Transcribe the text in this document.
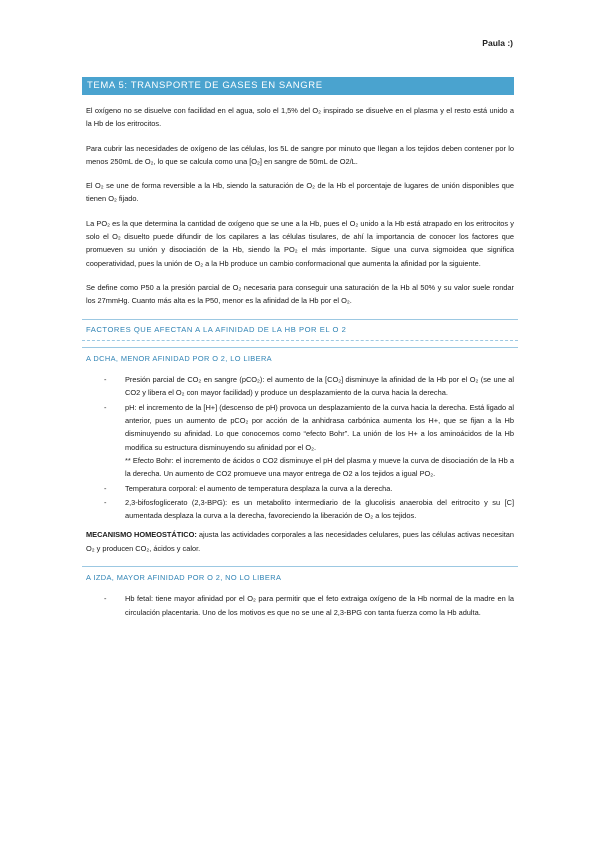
Paula :)
TEMA 5: TRANSPORTE DE GASES EN SANGRE

El oxígeno no se disuelve con facilidad en el agua, solo el 1,5% del O₂ inspirado se disuelve en el plasma y el resto está unido a la Hb de los eritrocitos.

Para cubrir las necesidades de oxígeno de las células, los 5L de sangre por minuto que llegan a los tejidos deben contener por lo menos 250mL de O₂, lo que se calcula como una [O₂] en sangre de 50mL de O2/L.

El O₂ se une de forma reversible a la Hb, siendo la saturación de O₂ de la Hb el porcentaje de lugares de unión disponibles que tienen O₂ fijado.

La PO₂ es la que determina la cantidad de oxígeno que se une a la Hb, pues el O₂ unido a la Hb está atrapado en los eritrocitos y solo el O₂ disuelto puede difundir de los capilares a las células tisulares, de ahí la importancia de conocer los factores que promueven su unión y disociación de la Hb, siendo la PO₂ el más importante. Sigue una curva sigmoidea que significa cooperatividad, pues la unión de O₂ a la Hb produce un cambio conformacional que aumenta la afinidad por la siguiente.

Se define como P50 a la presión parcial de O₂ necesaria para conseguir una saturación de la Hb al 50% y su valor suele rondar los 27mmHg. Cuanto más alta es la P50, menor es la afinidad de la Hb por el O₂.

FACTORES QUE AFECTAN A LA AFINIDAD DE LA HB POR EL O 2
A DCHA, MENOR AFINIDAD POR O 2, LO LIBERA
-	Presión parcial de CO₂ en sangre (pCO₂): el aumento de la [CO₂] disminuye la afinidad de la Hb por el O₂ (se une al CO2 y libera el O₂ con mayor facilidad) y produce un desplazamiento de la curva hacia la derecha.
-	pH: el incremento de la [H+] (descenso de pH) provoca un desplazamiento de la curva hacia la derecha. Está ligado al anterior, pues un aumento de pCO₂ por acción de la anhidrasa carbónica aumenta los H+, que se fijan a la Hb disminuyendo su afinidad. Lo que conocemos como “efecto Bohr”. La unión de los H+ a los aminoácidos de la Hb modifica su estructura disminuyendo su afinidad por el O₂.
** Efecto Bohr: el incremento de ácidos o CO2 disminuye el pH del plasma y mueve la curva de disociación de la Hb a la derecha. Un aumento de CO2 promueve una mayor entrega de O2 a los tejidos a igual PO₂.
-	Temperatura corporal: el aumento de temperatura desplaza la curva a la derecha.
-	2,3-bifosfoglicerato (2,3-BPG): es un metabolito intermediario de la glucolisis anaerobia del eritrocito y su [C] aumentada desplaza la curva a la derecha, favoreciendo la liberación de O₂ a los tejidos.

MECANISMO HOMEOSTÁTICO: ajusta las actividades corporales a las necesidades celulares, pues las células activas necesitan O₂ y producen CO₂, ácidos y calor.

A IZDA, MAYOR AFINIDAD POR O 2, NO LO LIBERA
-	Hb fetal: tiene mayor afinidad por el O₂ para permitir que el feto extraiga oxígeno de la Hb normal de la madre en la circulación placentaria. Uno de los motivos es que no se une al 2,3-BPG con tanta fuerza como la Hb adulta.
